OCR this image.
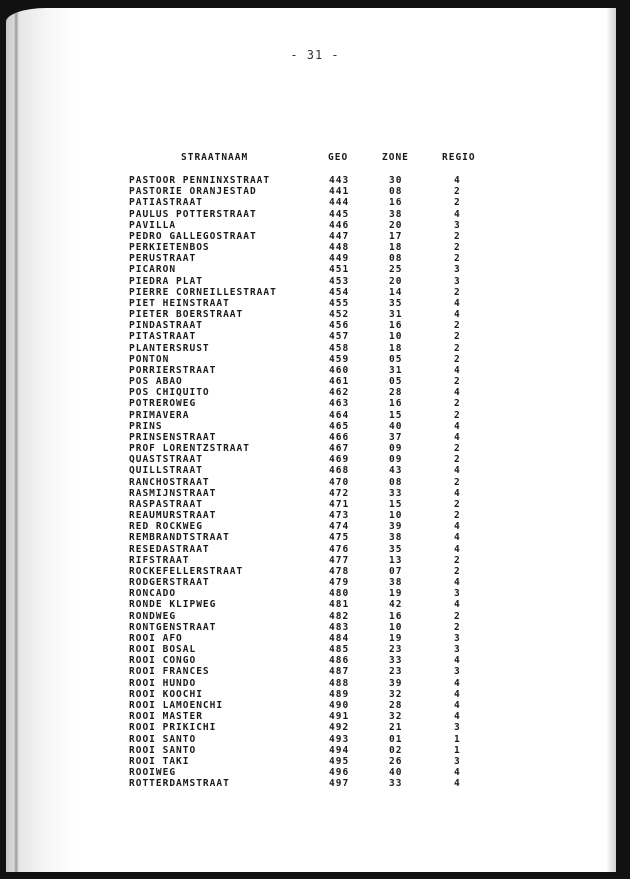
- 31 -
STRAATNAAM	GEO	ZONE	REGIO
PASTOOR PENNINXSTRAAT	443	30	4
PASTORIE ORANJESTAD	441	08	2
PATIASTRAAT	444	16	2
PAULUS POTTERSTRAAT	445	38	4
PAVILLA	446	20	3
PEDRO GALLEGOSTRAAT	447	17	2
PERKIETENBOS	448	18	2
PERUSTRAAT	449	08	2
PICARON	451	25	3
PIEDRA PLAT	453	20	3
PIERRE CORNEILLESTRAAT	454	14	2
PIET HEINSTRAAT	455	35	4
PIETER BOERSTRAAT	452	31	4
PINDASTRAAT	456	16	2
PITASTRAAT	457	10	2
PLANTERSRUST	458	18	2
PONTON	459	05	2
PORRIERSTRAAT	460	31	4
POS ABAO	461	05	2
POS CHIQUITO	462	28	4
POTREROWEG	463	16	2
PRIMAVERA	464	15	2
PRINS	465	40	4
PRINSENSTRAAT	466	37	4
PROF LORENTZSTRAAT	467	09	2
QUASTSTRAAT	469	09	2
QUILLSTRAAT	468	43	4
RANCHOSTRAAT	470	08	2
RASMIJNSTRAAT	472	33	4
RASPASTRAAT	471	15	2
REAUMURSTRAAT	473	10	2
RED ROCKWEG	474	39	4
REMBRANDTSTRAAT	475	38	4
RESEDASTRAAT	476	35	4
RIFSTRAAT	477	13	2
ROCKEFELLERSTRAAT	478	07	2
RODGERSTRAAT	479	38	4
RONCADO	480	19	3
RONDE KLIPWEG	481	42	4
RONDWEG	482	16	2
RONTGENSTRAAT	483	10	2
ROOI AFO	484	19	3
ROOI BOSAL	485	23	3
ROOI CONGO	486	33	4
ROOI FRANCES	487	23	3
ROOI HUNDO	488	39	4
ROOI KOOCHI	489	32	4
ROOI LAMOENCHI	490	28	4
ROOI MASTER	491	32	4
ROOI PRIKICHI	492	21	3
ROOI SANTO	493	01	1
ROOI SANTO	494	02	1
ROOI TAKI	495	26	3
ROOIWEG	496	40	4
ROTTERDAMSTRAAT	497	33	4
